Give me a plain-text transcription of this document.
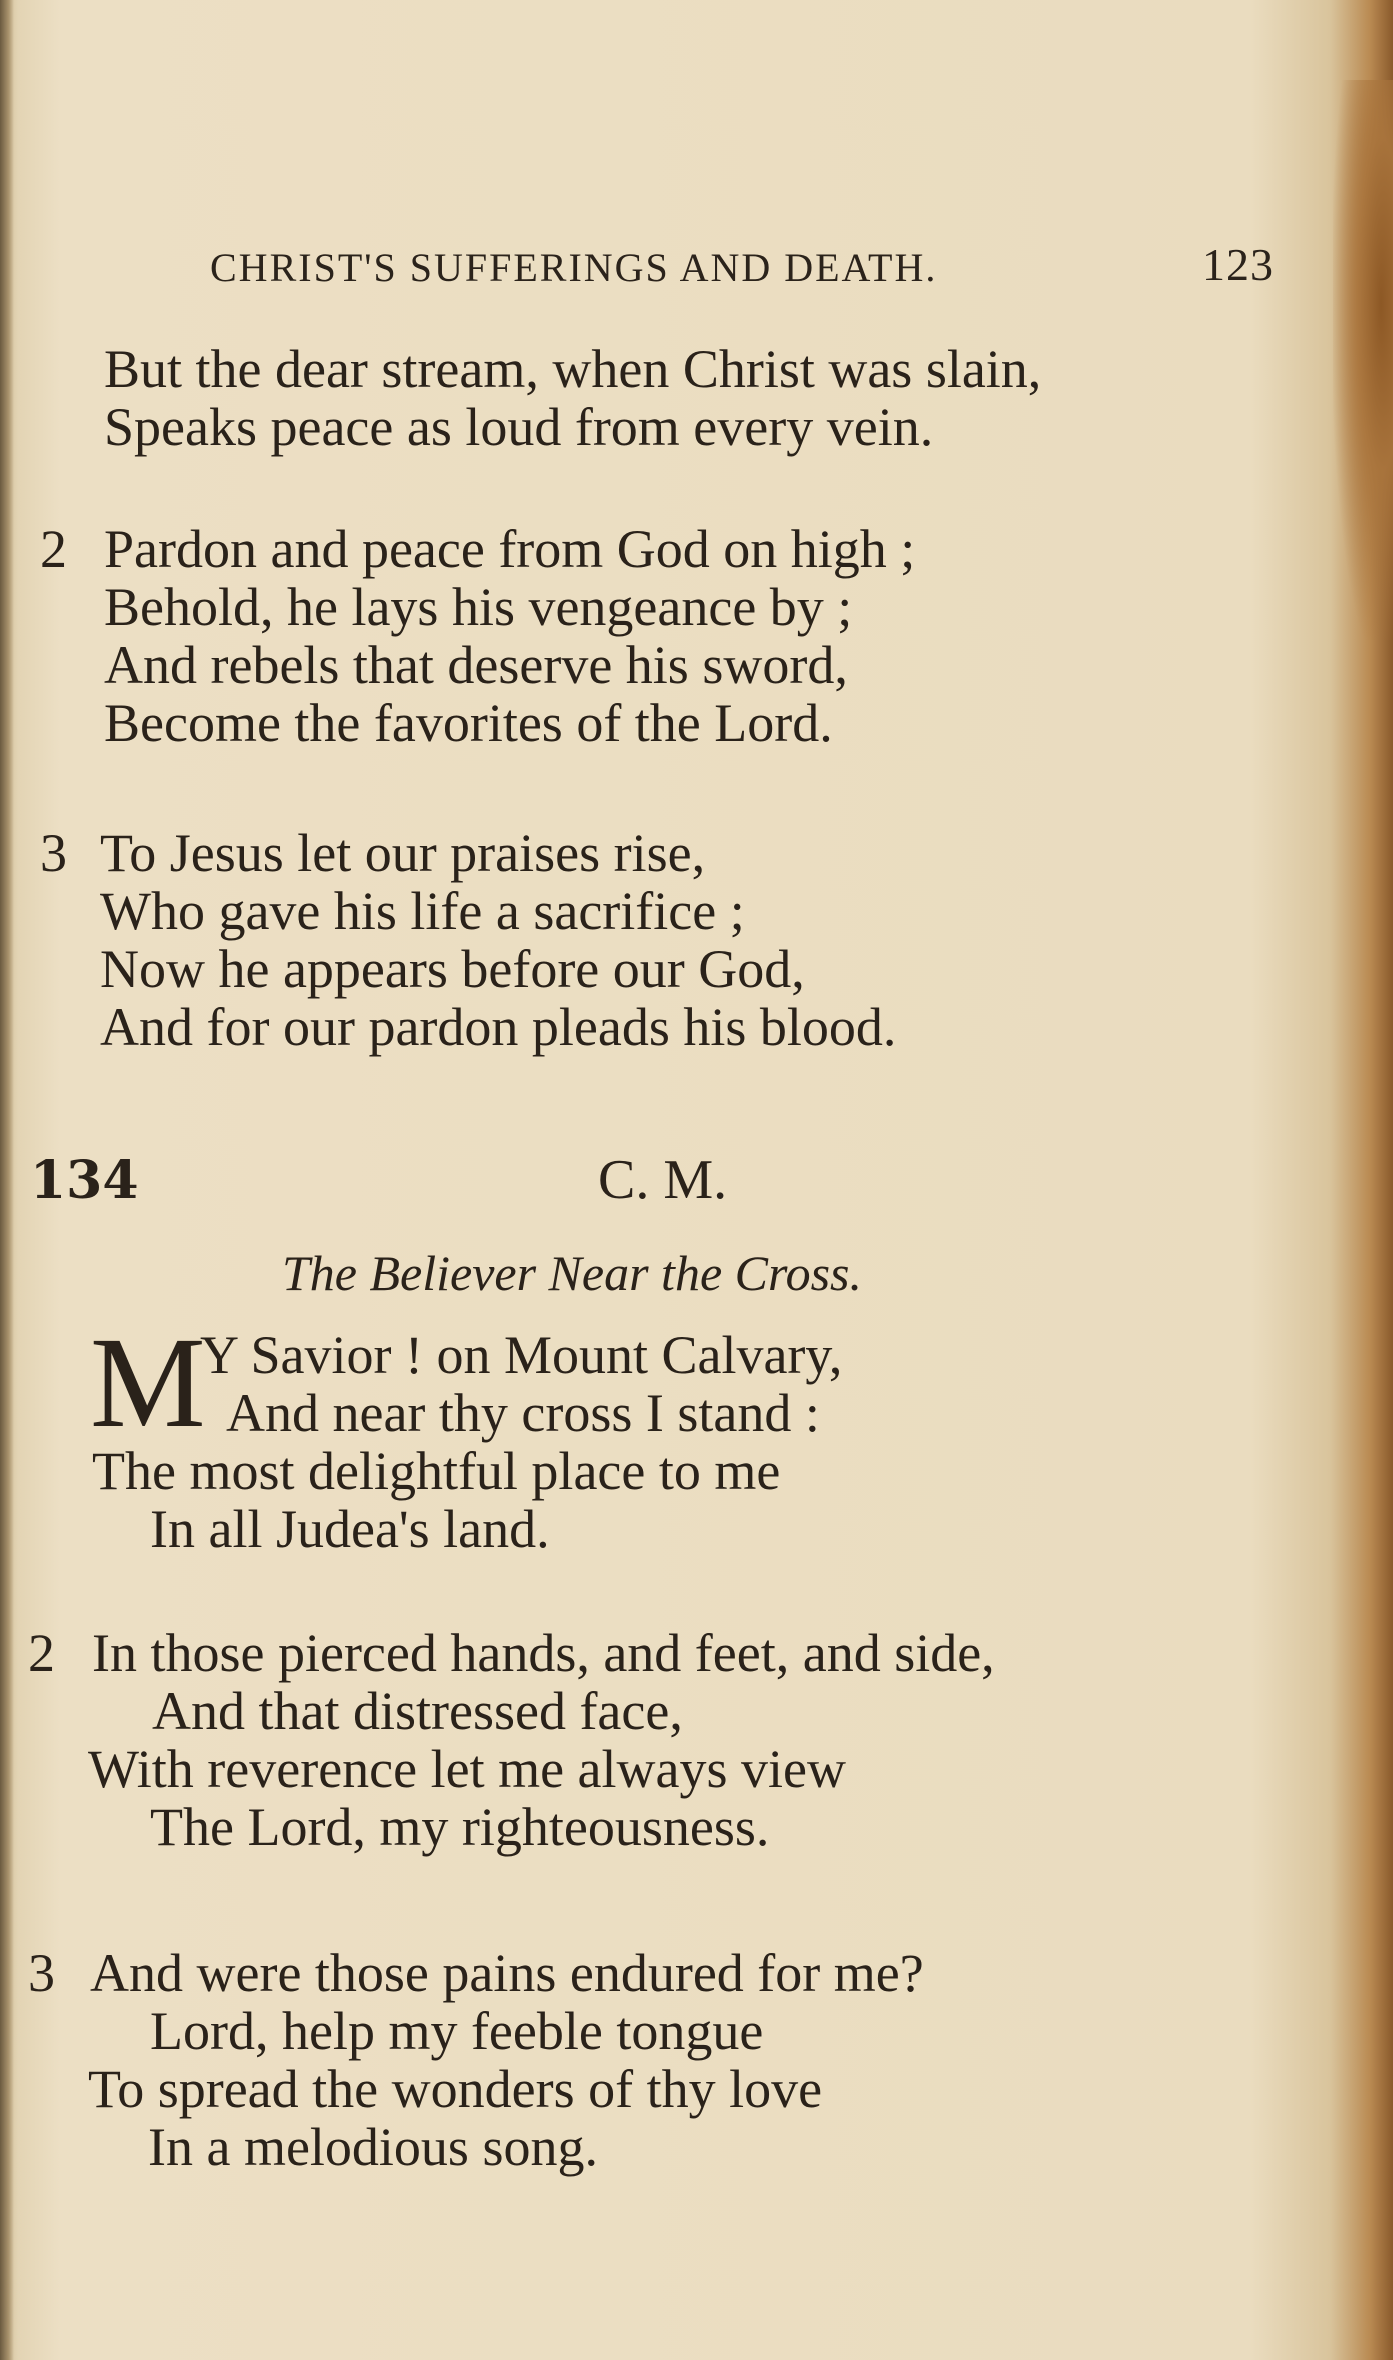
CHRIST'S SUFFERINGS AND DEATH.	123
But the dear stream, when Christ was slain,
Speaks peace as loud from every vein.
2 Pardon and peace from God on high ;
Behold, he lays his vengeance by ;
And rebels that deserve his sword,
Become the favorites of the Lord.
3 To Jesus let our praises rise,
Who gave his life a sacrifice ;
Now he appears before our God,
And for our pardon pleads his blood.
134	C. M.
The Believer Near the Cross.
M
Y Savior ! on Mount Calvary,
And near thy cross I stand :
The most delightful place to me
In all Judea's land.
2 In those pierced hands, and feet, and side,
And that distressed face,
With reverence let me always view
The Lord, my righteousness.
3 And were those pains endured for me?
Lord, help my feeble tongue
To spread the wonders of thy love
In a melodious song.
